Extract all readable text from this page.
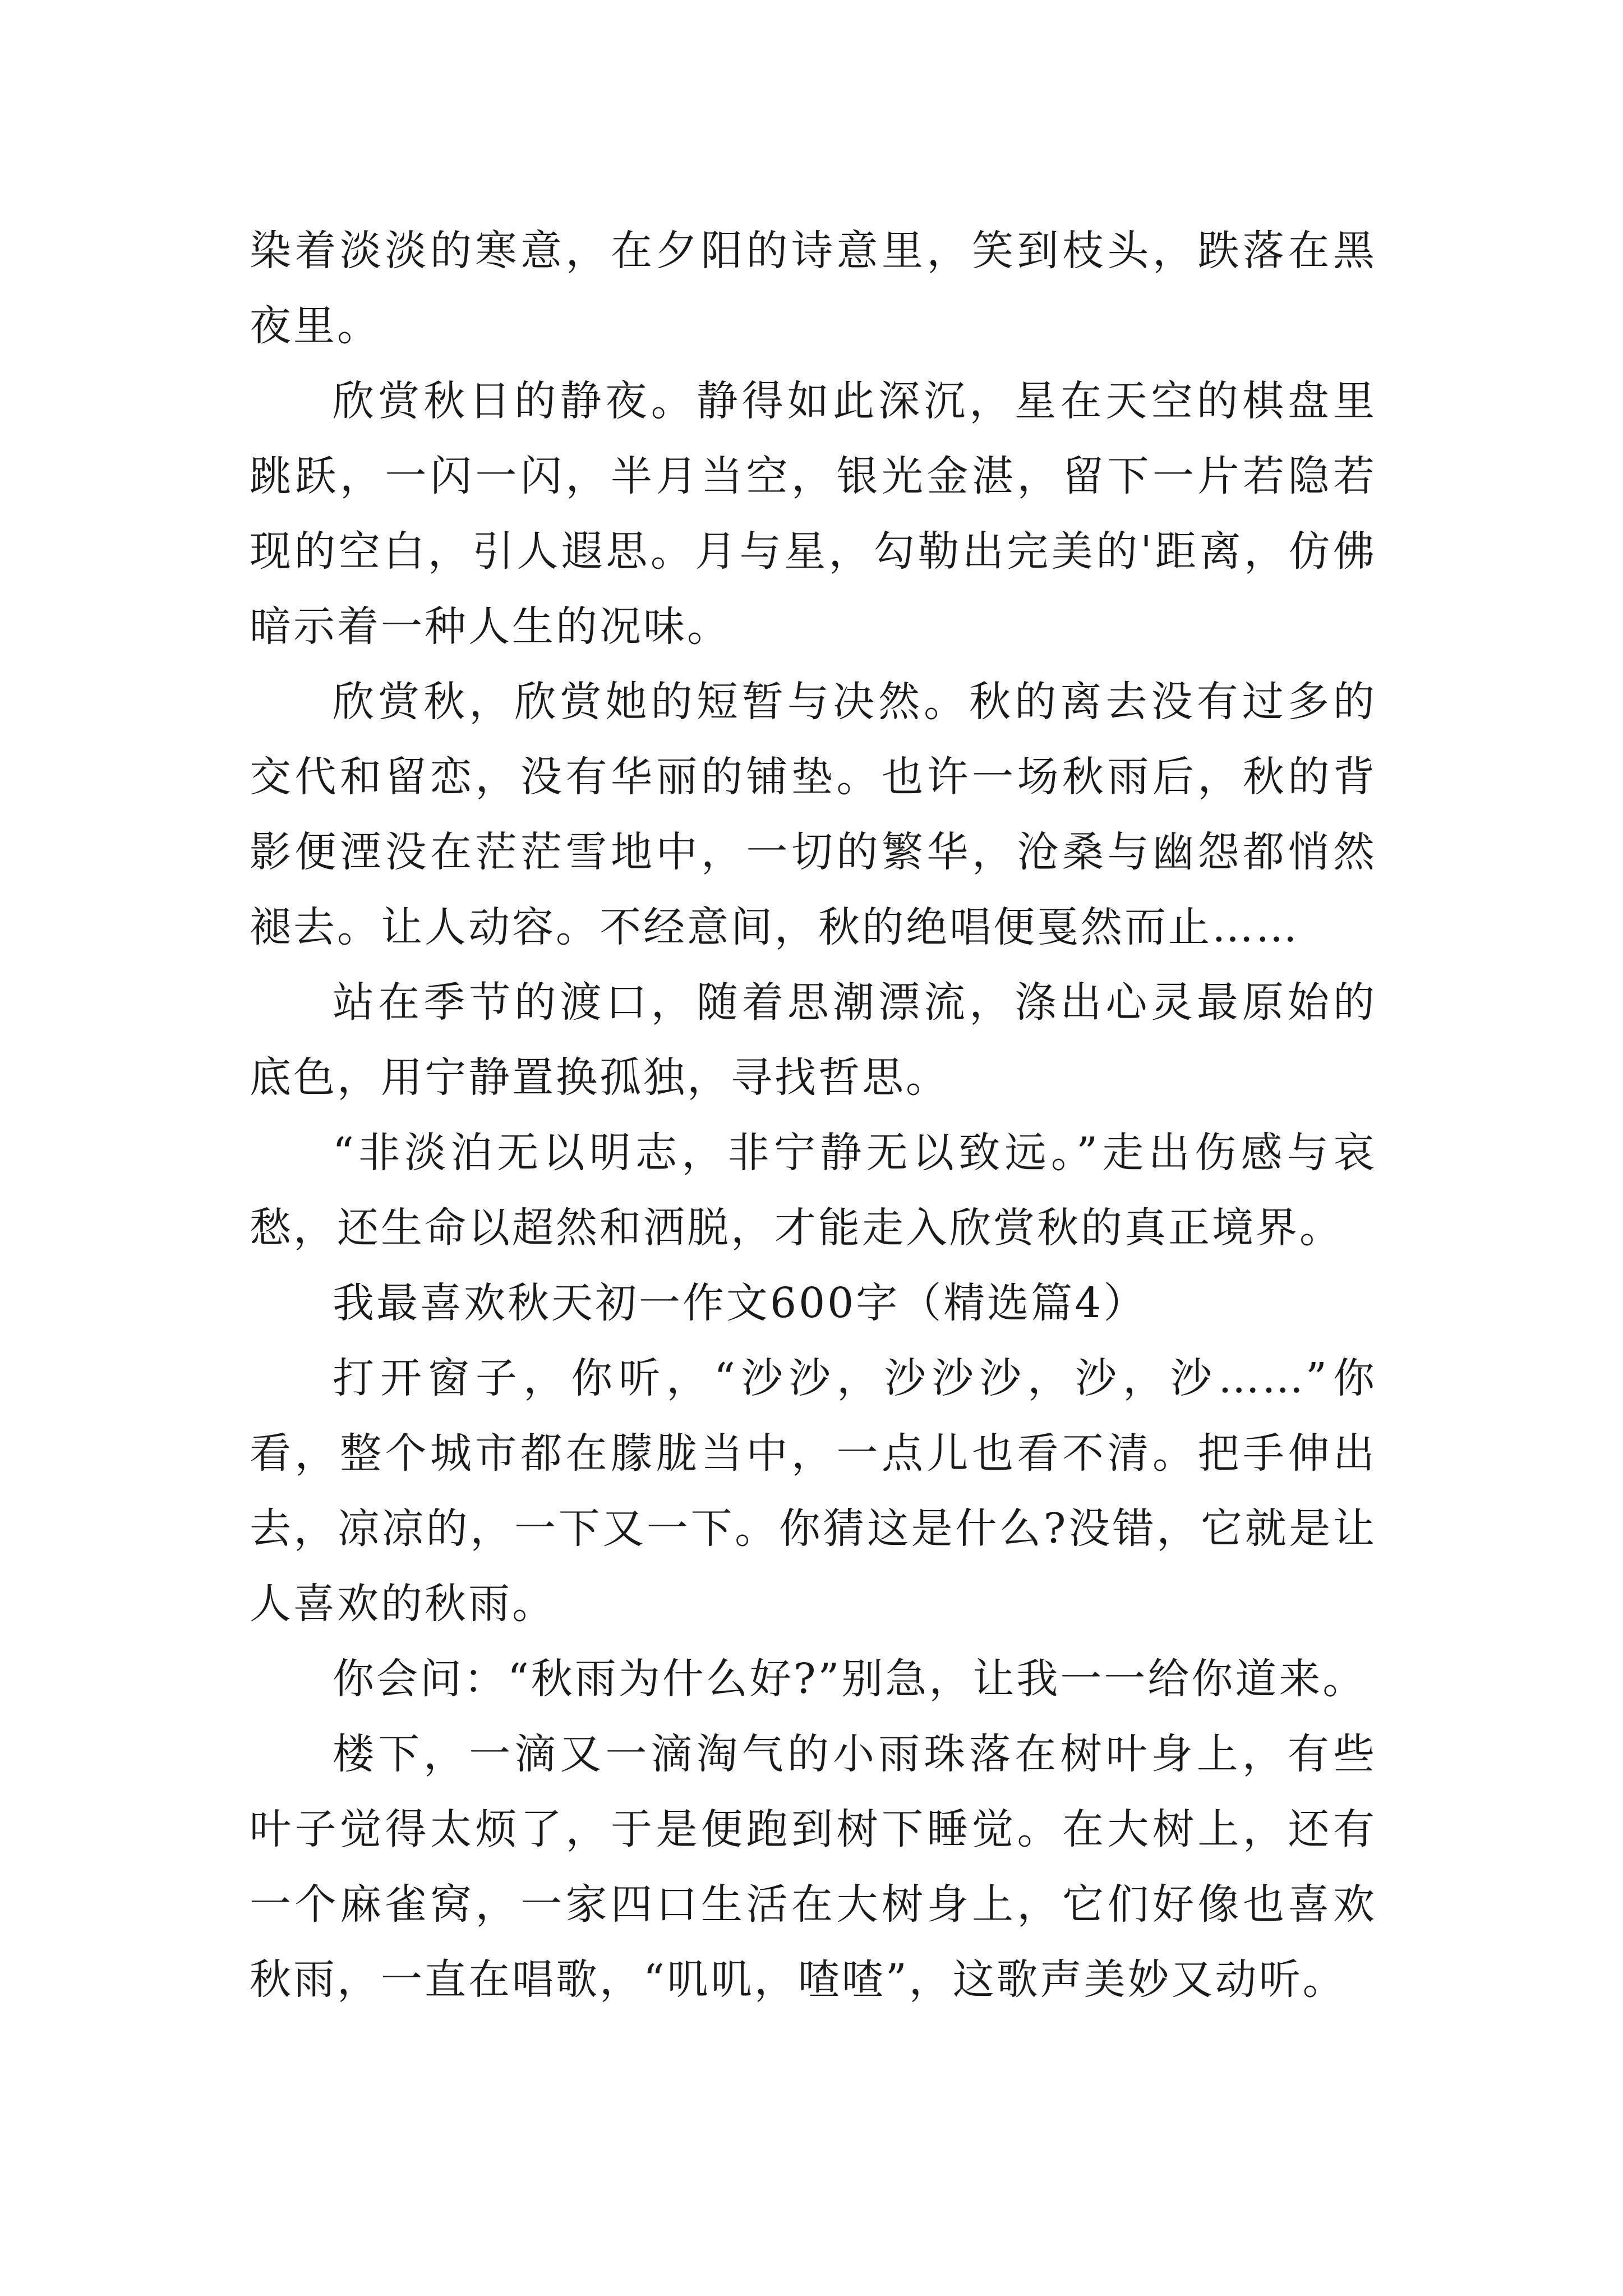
染着淡淡的寒意，在夕阳的诗意里，笑到枝头，跌落在黑夜里。

欣赏秋日的静夜。静得如此深沉，星在天空的棋盘里跳跃，一闪一闪，半月当空，银光金湛，留下一片若隐若现的空白，引人遐思。月与星，勾勒出完美的'距离，仿佛暗示着一种人生的况味。

欣赏秋，欣赏她的短暂与决然。秋的离去没有过多的交代和留恋，没有华丽的铺垫。也许一场秋雨后，秋的背影便湮没在茫茫雪地中，一切的繁华，沧桑与幽怨都悄然褪去。让人动容。不经意间，秋的绝唱便戛然而止……

站在季节的渡口，随着思潮漂流，涤出心灵最原始的底色，用宁静置换孤独，寻找哲思。

“非淡泊无以明志，非宁静无以致远。”走出伤感与哀愁，还生命以超然和洒脱，才能走入欣赏秋的真正境界。

我最喜欢秋天初一作文600字（精选篇4）

打开窗子，你听，“沙沙，沙沙沙，沙，沙……”你看，整个城市都在朦胧当中，一点儿也看不清。把手伸出去，凉凉的，一下又一下。你猜这是什么?没错，它就是让人喜欢的秋雨。

你会问：“秋雨为什么好?”别急，让我一一给你道来。

楼下，一滴又一滴淘气的小雨珠落在树叶身上，有些叶子觉得太烦了，于是便跑到树下睡觉。在大树上，还有一个麻雀窝，一家四口生活在大树身上，它们好像也喜欢秋雨，一直在唱歌，“叽叽，喳喳”，这歌声美妙又动听。
